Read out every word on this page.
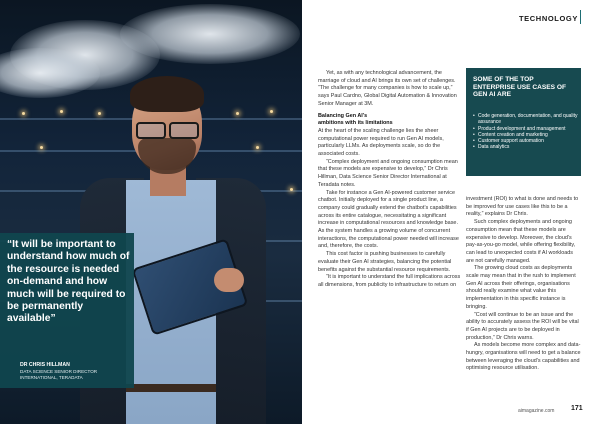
“It will be important to understand how much of the resource is needed on-demand and how much will be required to be permanently available”

DR CHRIS HILLMAN

DATA SCIENCE SENIOR DIRECTOR INTERNATIONAL, TERADATA

TECHNOLOGY

Yet, as with any technological advancement, the marriage of cloud and AI brings its own set of challenges. “The challenge for many companies is how to scale up,” says Paul Cardno, Global Digital Automation & Innovation Senior Manager at 3M.

Balancing Gen AI’s

ambitions with its limitations

At the heart of the scaling challenge lies the sheer computational power required to run Gen AI models, particularly LLMs. As deployments scale, so do the associated costs.

“Complex deployment and ongoing consumption mean that these models are expensive to develop,” Dr Chris Hillman, Data Science Senior Director International at Teradata notes.

Take for instance a Gen AI-powered customer service chatbot. Initially deployed for a single product line, a company could gradually extend the chatbot’s capabilities across its entire catalogue, necessitating a significant increase in computational resources and knowledge base. As the system handles a growing volume of concurrent interactions, the computational power needed will increase and, therefore, the costs.

This cost factor is pushing businesses to carefully evaluate their Gen AI strategies, balancing the potential benefits against the substantial resource requirements.

“It is important to understand the full implications across all dimensions, from publicity to infrastructure to return on

SOME OF THE TOP ENTERPRISE USE CASES OF GEN AI ARE

• Code generation, documentation, and quality assurance
• Product development and management
• Content creation and marketing
• Customer support automation
• Data analytics

investment (ROI) to what is done and needs to be improved for use cases like this to be a reality,” explains Dr Chris.

Such complex deployments and ongoing consumption mean that these models are expensive to develop. Moreover, the cloud’s pay-as-you-go model, while offering flexibility, can lead to unexpected costs if AI workloads are not carefully managed.

The growing cloud costs as deployments scale may mean that in the rush to implement Gen AI across their offerings, organisations should really examine what value this implementation in this specific instance is bringing.

“Cost will continue to be an issue and the ability to accurately assess the ROI will be vital if Gen AI projects are to be deployed in production,” Dr Chris warns.

As models become more complex and data-hungry, organisations will need to get a balance between leveraging the cloud’s capabilities and optimising resource utilisation.

aimagazine.com 171
